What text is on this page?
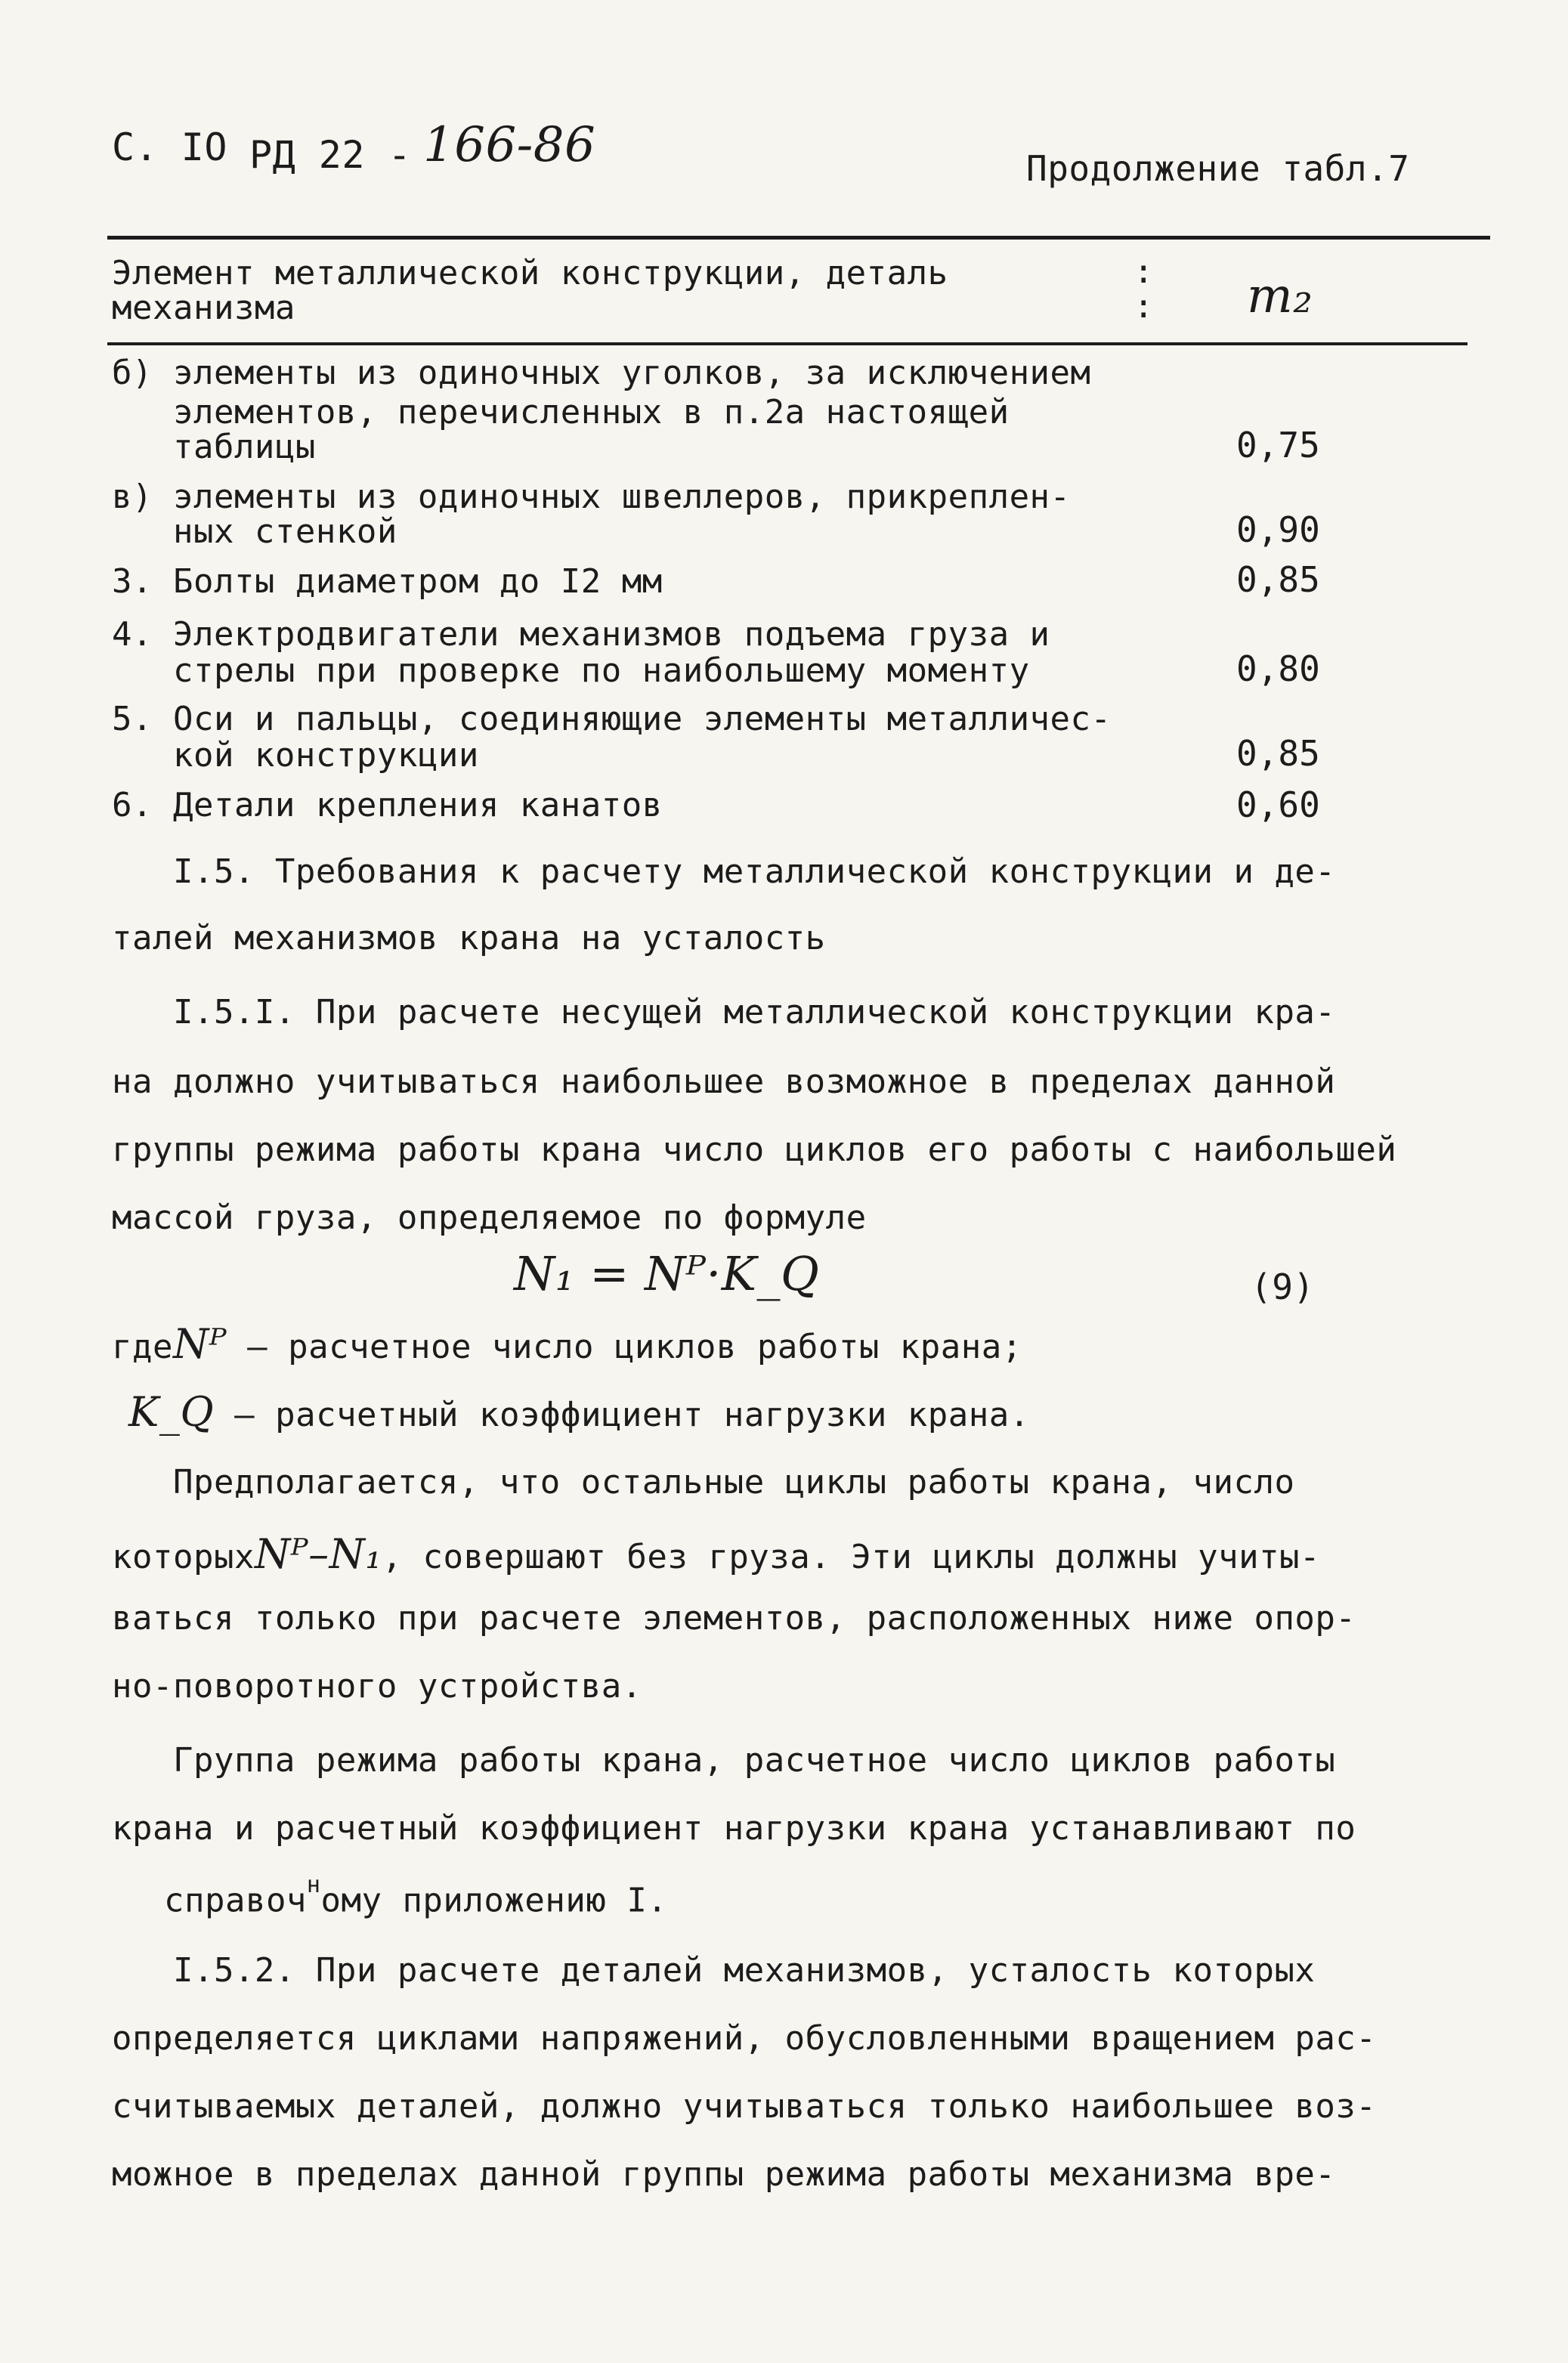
С. IO РД 22 - 166-86	Продолжение табл.7
Элемент металлической конструкции, деталь
механизма
:
: m₂
б) элементы из одиночных уголков, за исключением
элементов, перечисленных в п.2а настоящей
таблицы	0,75
в) элементы из одиночных швеллеров, прикреплен-
ных стенкой	0,90
3. Болты диаметром до I2 мм	0,85
4. Электродвигатели механизмов подъема груза и
стрелы при проверке по наибольшему моменту	0,80
5. Оси и пальцы, соединяющие элементы металличес-
кой конструкции	0,85
6. Детали крепления канатов	0,60
I.5. Требования к расчету металлической конструкции и де-
талей механизмов крана на усталость
I.5.I. При расчете несущей металлической конструкции кра-
на должно учитываться наибольшее возможное в пределах данной
группы режима работы крана число циклов его работы с наибольшей
массой груза, определяемое по формуле
N₁ = Nᴾ·K_Q	(9)
гдеNᴾ – расчетное число циклов работы крана;
K_Q – расчетный коэффициент нагрузки крана.
Предполагается, что остальные циклы работы крана, число
которыхNᴾ–N₁, совершают без груза. Эти циклы должны учиты-
ваться только при расчете элементов, расположенных ниже опор-
но-поворотного устройства.
Группа режима работы крана, расчетное число циклов работы
крана и расчетный коэффициент нагрузки крана устанавливают по
справоч$^н$ому приложению I.
I.5.2. При расчете деталей механизмов, усталость которых
определяется циклами напряжений, обусловленными вращением рас-
считываемых деталей, должно учитываться только наибольшее воз-
можное в пределах данной группы режима работы механизма вре-
